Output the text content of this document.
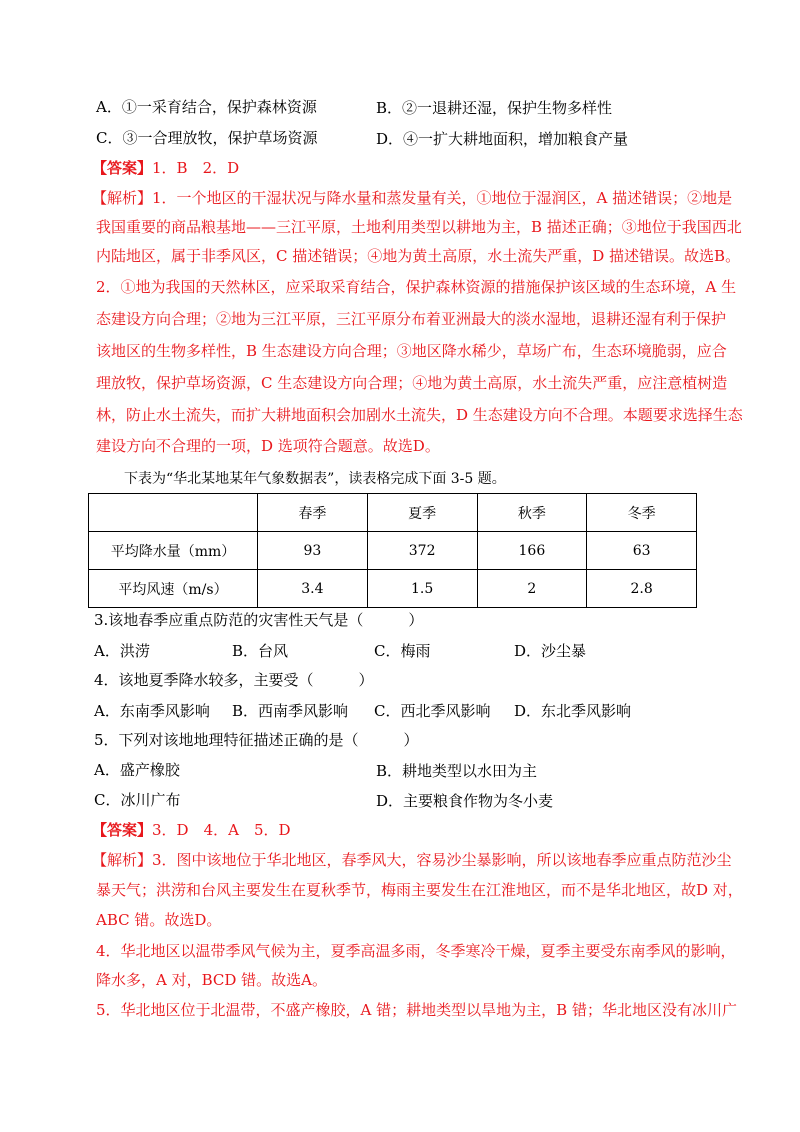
A．①一采育结合，保护森林资源	B．②一退耕还湿，保护生物多样性
C．③一合理放牧，保护草场资源	D．④一扩大耕地面积，增加粮食产量
【答案】1．B　2．D
【解析】1．一个地区的干湿状况与降水量和蒸发量有关，①地位于湿润区，A 描述错误；②地是
我国重要的商品粮基地——三江平原，土地利用类型以耕地为主，B 描述正确；③地位于我国西北
内陆地区，属于非季风区，C 描述错误；④地为黄土高原，水土流失严重，D 描述错误。故选B。
2．①地为我国的天然林区，应采取采育结合，保护森林资源的措施保护该区域的生态环境，A 生
态建设方向合理；②地为三江平原，三江平原分布着亚洲最大的淡水湿地，退耕还湿有利于保护
该地区的生物多样性，B 生态建设方向合理；③地区降水稀少，草场广布，生态环境脆弱，应合
理放牧，保护草场资源，C 生态建设方向合理；④地为黄土高原，水土流失严重，应注意植树造
林，防止水土流失，而扩大耕地面积会加剧水土流失，D 生态建设方向不合理。本题要求选择生态
建设方向不合理的一项，D 选项符合题意。故选D。
下表为“华北某地某年气象数据表”，读表格完成下面 3-5 题。
	春季	夏季	秋季	冬季
平均降水量（mm）	93	372	166	63
平均风速（m/s）	3.4	1.5	2	2.8
3.该地春季应重点防范的灾害性天气是（　　　）
A．洪涝	B．台风	C．梅雨	D．沙尘暴
4．该地夏季降水较多，主要受（　　　）
A．东南季风影响 B．西南季风影响 C．西北季风影响 D．东北季风影响
5．下列对该地地理特征描述正确的是（　　　）
A．盛产橡胶	B．耕地类型以水田为主
C．冰川广布	D．主要粮食作物为冬小麦
【答案】3．D　4．A　5．D
【解析】3．图中该地位于华北地区，春季风大，容易沙尘暴影响，所以该地春季应重点防范沙尘
暴天气；洪涝和台风主要发生在夏秋季节，梅雨主要发生在江淮地区，而不是华北地区，故D 对，
ABC 错。故选D。
4．华北地区以温带季风气候为主，夏季高温多雨，冬季寒冷干燥，夏季主要受东南季风的影响，
降水多，A 对，BCD 错。故选A。
5．华北地区位于北温带，不盛产橡胶，A 错；耕地类型以旱地为主，B 错；华北地区没有冰川广
